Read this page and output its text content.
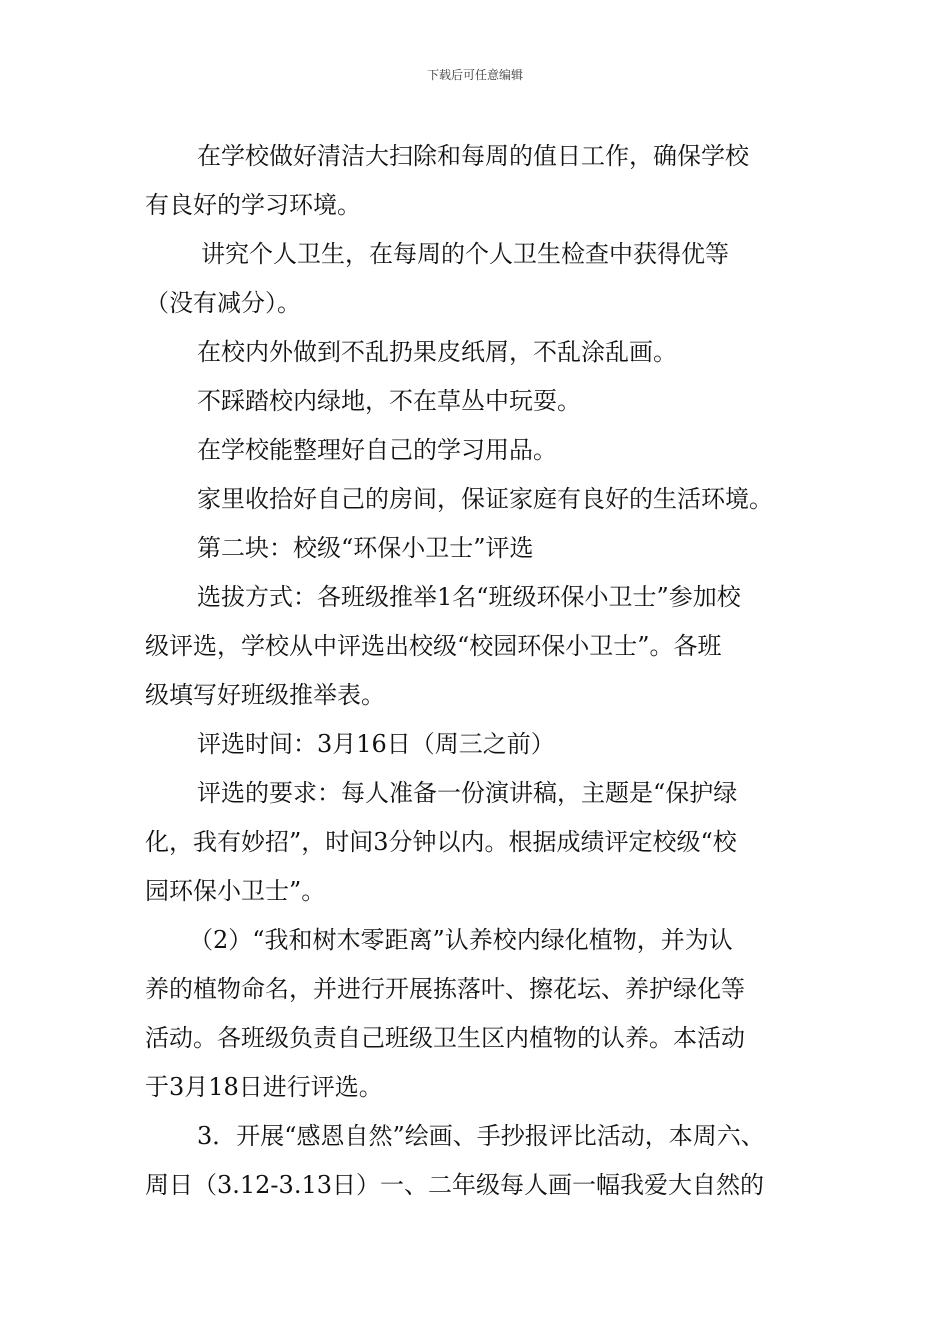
下载后可任意编辑
在学校做好清洁大扫除和每周的值日工作，确保学校
有良好的学习环境。
讲究个人卫生，在每周的个人卫生检查中获得优等
（没有减分）。
在校内外做到不乱扔果皮纸屑，不乱涂乱画。
不踩踏校内绿地，不在草丛中玩耍。
在学校能整理好自己的学习用品。
家里收拾好自己的房间，保证家庭有良好的生活环境。
第二块：校级“环保小卫士”评选
选拔方式：各班级推举1名“班级环保小卫士”参加校
级评选，学校从中评选出校级“校园环保小卫士”。各班
级填写好班级推举表。
评选时间：3月16日（周三之前）
评选的要求：每人准备一份演讲稿，主题是“保护绿
化，我有妙招”，时间3分钟以内。根据成绩评定校级“校
园环保小卫士”。
（2）“我和树木零距离”认养校内绿化植物，并为认
养的植物命名，并进行开展拣落叶、擦花坛、养护绿化等
活动。各班级负责自己班级卫生区内植物的认养。本活动
于3月18日进行评选。
3．开展“感恩自然”绘画、手抄报评比活动，本周六、
周日（3.12-3.13日）一、二年级每人画一幅我爱大自然的
